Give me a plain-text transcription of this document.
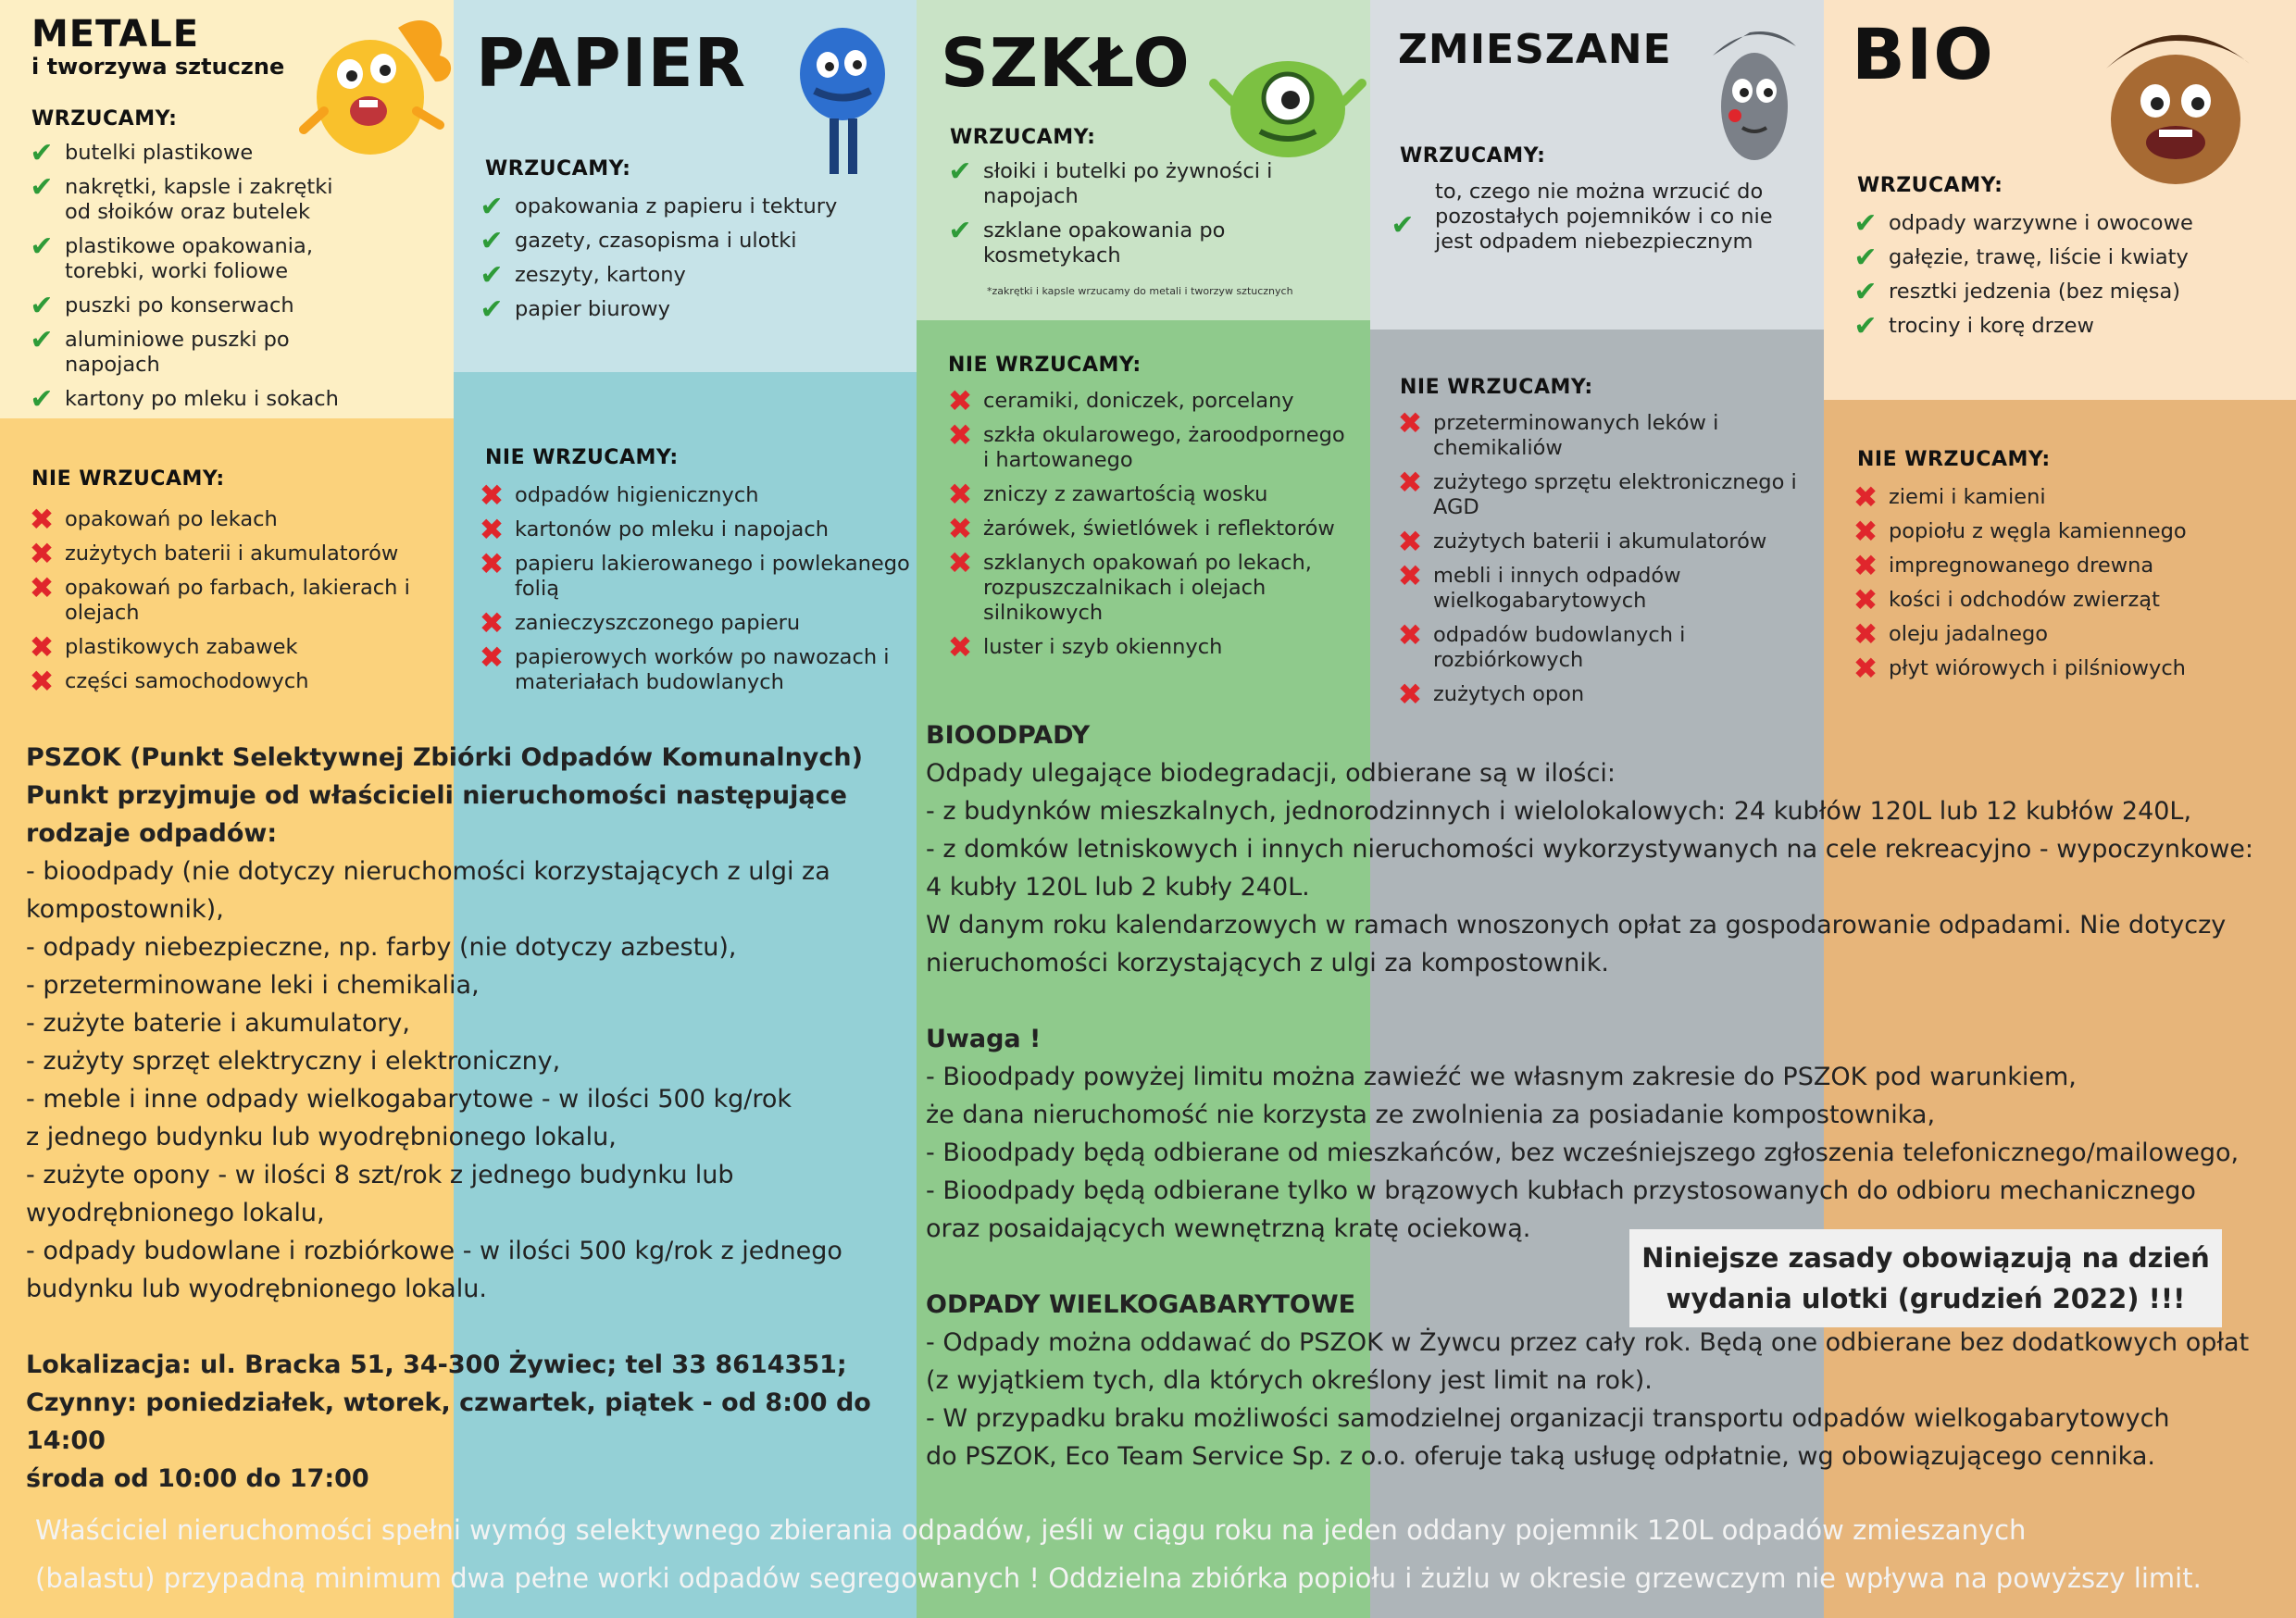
METALE
i tworzywa sztuczne
WRZUCAMY:
✔ butelki plastikowe
✔ nakrętki, kapsle i zakrętki od słoików oraz butelek
✔ plastikowe opakowania, torebki, worki foliowe
✔ puszki po konserwach
✔ aluminiowe puszki po napojach
✔ kartony po mleku i sokach
NIE WRZUCAMY:
✖ opakowań po lekach
✖ zużytych baterii i akumulatorów
✖ opakowań po farbach, lakierach i olejach
✖ plastikowych zabawek
✖ części samochodowych
PAPIER
WRZUCAMY:
✔ opakowania z papieru i tektury
✔ gazety, czasopisma i ulotki
✔ zeszyty, kartony
✔ papier biurowy
NIE WRZUCAMY:
✖ odpadów higienicznych
✖ kartonów po mleku i napojach
✖ papieru lakierowanego i powlekanego folią
✖ zanieczyszczonego papieru
✖ papierowych worków po nawozach i materiałach budowlanych
SZKŁO
WRZUCAMY:
✔ słoiki i butelki po żywności i napojach
✔ szklane opakowania po kosmetykach
*zakrętki i kapsle wrzucamy do metali i tworzyw sztucznych
NIE WRZUCAMY:
✖ ceramiki, doniczek, porcelany
✖ szkła okularowego, żaroodpornego i hartowanego
✖ zniczy z zawartością wosku
✖ żarówek, świetlówek i reflektorów
✖ szklanych opakowań po lekach, rozpuszczalnikach i olejach silnikowych
✖ luster i szyb okiennych
ZMIESZANE
WRZUCAMY:
✔
to, czego nie można wrzucić do pozostałych pojemników i co nie jest odpadem niebezpiecznym
NIE WRZUCAMY:
✖ przeterminowanych leków i chemikaliów
✖ zużytego sprzętu elektronicznego i AGD
✖ zużytych baterii i akumulatorów
✖ mebli i innych odpadów wielkogabarytowych
✖ odpadów budowlanych i rozbiórkowych
✖ zużytych opon
BIO
WRZUCAMY:
✔ odpady warzywne i owocowe
✔ gałęzie, trawę, liście i kwiaty
✔ resztki jedzenia (bez mięsa)
✔ trociny i korę drzew
NIE WRZUCAMY:
✖ ziemi i kamieni
✖ popiołu z węgla kamiennego
✖ impregnowanego drewna
✖ kości i odchodów zwierząt
✖ oleju jadalnego
✖ płyt wiórowych i pilśniowych

PSZOK (Punkt Selektywnej Zbiórki Odpadów Komunalnych)

Punkt przyjmuje od właścicieli nieruchomości następujące

rodzaje odpadów:

- bioodpady (nie dotyczy nieruchomości korzystających z ulgi za

kompostownik),

- odpady niebezpieczne, np. farby (nie dotyczy azbestu),

- przeterminowane leki i chemikalia,

- zużyte baterie i akumulatory,

- zużyty sprzęt elektryczny i elektroniczny,

- meble i inne odpady wielkogabarytowe - w ilości 500 kg/rok

z jednego budynku lub wyodrębnionego lokalu,

- zużyte opony - w ilości 8 szt/rok z jednego budynku lub

wyodrębnionego lokalu,

- odpady budowlane i rozbiórkowe - w ilości 500 kg/rok z jednego

budynku lub wyodrębnionego lokalu.

Lokalizacja: ul. Bracka 51, 34-300 Żywiec; tel 33 8614351;

Czynny: poniedziałek, wtorek, czwartek, piątek - od 8:00 do 14:00

środa od 10:00 do 17:00

BIOODPADY

Odpady ulegające biodegradacji, odbierane są w ilości:

- z budynków mieszkalnych, jednorodzinnych i wielolokalowych: 24 kubłów 120L lub 12 kubłów 240L,

- z domków letniskowych i innych nieruchomości wykorzystywanych na cele rekreacyjno - wypoczynkowe:

4 kubły 120L lub 2 kubły 240L.

W danym roku kalendarzowych w ramach wnoszonych opłat za gospodarowanie odpadami. Nie dotyczy

nieruchomości korzystających z ulgi za kompostownik.

Uwaga !

- Bioodpady powyżej limitu można zawieźć we własnym zakresie do PSZOK pod warunkiem,

że dana nieruchomość nie korzysta ze zwolnienia za posiadanie kompostownika,

- Bioodpady będą odbierane od mieszkańców, bez wcześniejszego zgłoszenia telefonicznego/mailowego,

- Bioodpady będą odbierane tylko w brązowych kubłach przystosowanych do odbioru mechanicznego

oraz posaidających wewnętrzną kratę ociekową.

ODPADY WIELKOGABARYTOWE

- Odpady można oddawać do PSZOK w Żywcu przez cały rok. Będą one odbierane bez dodatkowych opłat

(z wyjątkiem tych, dla których określony jest limit na rok).

- W przypadku braku możliwości samodzielnej organizacji transportu odpadów wielkogabarytowych

do PSZOK, Eco Team Service Sp. z o.o. oferuje taką usługę odpłatnie, wg obowiązującego cennika.

Niniejsze zasady obowiązują na dzień
wydania ulotki (grudzień 2022) !!!

Właściciel nieruchomości spełni wymóg selektywnego zbierania odpadów, jeśli w ciągu roku na jeden oddany pojemnik 120L odpadów zmieszanych

(balastu) przypadną minimum dwa pełne worki odpadów segregowanych ! Oddzielna zbiórka popiołu i żużlu w okresie grzewczym nie wpływa na powyższy limit.
